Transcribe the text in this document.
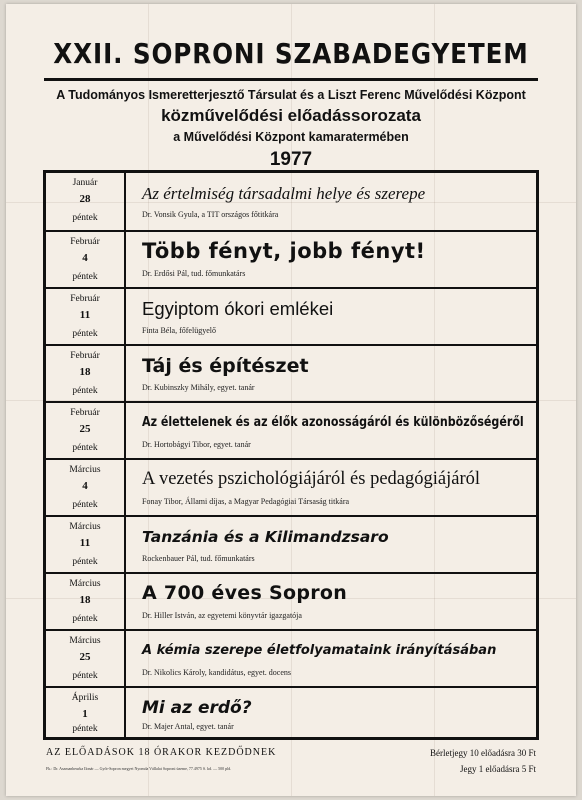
XXII. SOPRONI SZABADEGYETEM
A Tudományos Ismeretterjesztő Társulat és a Liszt Ferenc Művelődési Központ
közművelődési előadássorozata
a Művelődési Központ kamaratermében
1977
Január
28
péntek
Az értelmiség társadalmi helye és szerepe
Dr. Vonsik Gyula, a TIT országos főtitkára
Február
4
péntek
Több fényt, jobb fényt!
Dr. Erdősi Pál, tud. főmunkatárs
Február
11
péntek
Egyiptom ókori emlékei
Finta Béla, főfelügyelő
Február
18
péntek
Táj és építészet
Dr. Kubinszky Mihály, egyet. tanár
Február
25
péntek
Az élettelenek és az élők azonosságáról és különbözőségéről
Dr. Hortobágyi Tibor, egyet. tanár
Március
4
péntek
A vezetés pszichológiájáról és pedagógiájáról
Fonay Tibor, Állami díjas, a Magyar Pedagógiai Társaság titkára
Március
11
péntek
Tanzánia és a Kilimandzsaro
Rockenbauer Pál, tud. főmunkatárs
Március
18
péntek
A 700 éves Sopron
Dr. Hiller István, az egyetemi könyvtár igazgatója
Március
25
péntek
A kémia szerepe életfolyamataink irányításában
Dr. Nikolics Károly, kandidátus, egyet. docens
Április
1
péntek
Mi az erdő?
Dr. Majer Antal, egyet. tanár
AZ ELŐADÁSOK 18 ÓRAKOR KEZDŐDNEK	Bérletjegy 10 előadásra 30 Ft
Jegy 1 előadásra 5 Ft
Fk.: Dr. Aszmanbeurka Ilonár — Győr-Sopron megyei Nyomda Vállalat Soproni üzeme, 77.4975 S. kd. — 500 pld.
